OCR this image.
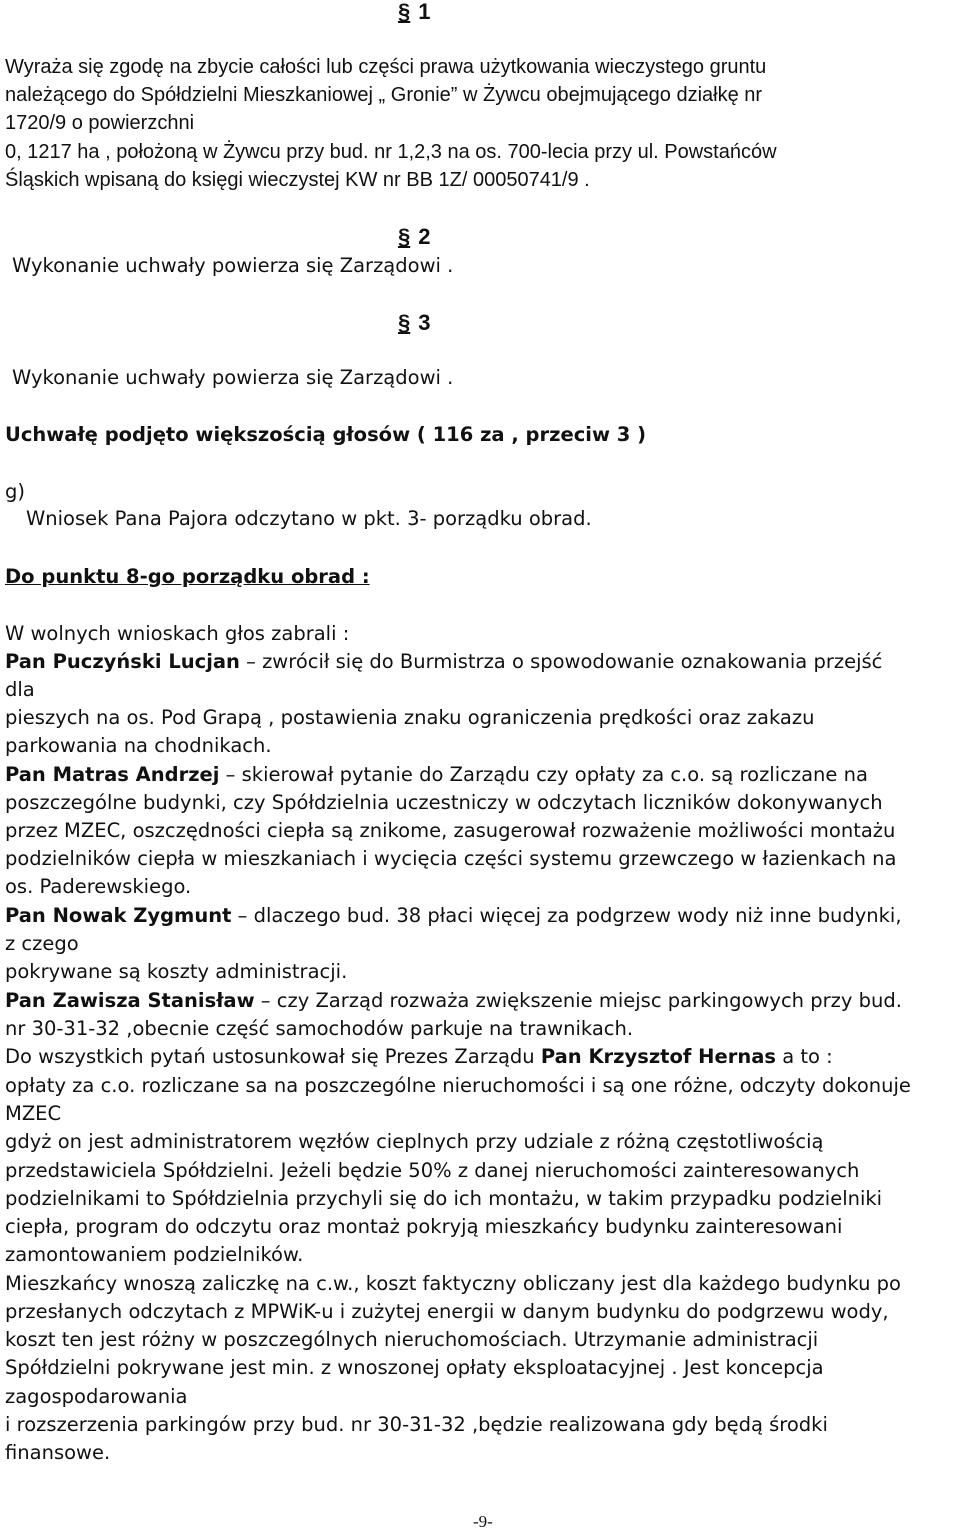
§ 1
Wyraża się zgodę na zbycie całości lub części prawa użytkowania wieczystego gruntu
należącego do Spółdzielni Mieszkaniowej „ Gronie” w Żywcu obejmującego działkę nr
1720/9 o powierzchni
0, 1217 ha , położoną w Żywcu przy bud. nr 1,2,3 na os. 700-lecia przy ul. Powstańców
Śląskich wpisaną do księgi wieczystej KW nr BB 1Z/ 00050741/9 .
§ 2
Wykonanie uchwały powierza się Zarządowi .
§ 3
Wykonanie uchwały powierza się Zarządowi .
Uchwałę podjęto większością głosów ( 116 za , przeciw 3 )
g)
Wniosek Pana Pajora odczytano w pkt. 3- porządku obrad.
Do punktu 8-go porządku obrad :
W wolnych wnioskach głos zabrali :
Pan Puczyński Lucjan – zwrócił się do Burmistrza o spowodowanie oznakowania przejść
dla
pieszych na os. Pod Grapą , postawienia znaku ograniczenia prędkości oraz zakazu
parkowania na chodnikach.
Pan Matras Andrzej – skierował pytanie do Zarządu czy opłaty za c.o. są rozliczane na
poszczególne budynki, czy Spółdzielnia uczestniczy w odczytach liczników dokonywanych
przez MZEC, oszczędności ciepła są znikome, zasugerował rozważenie możliwości montażu
podzielników ciepła w mieszkaniach i wycięcia części systemu grzewczego w łazienkach na
os. Paderewskiego.
Pan Nowak Zygmunt – dlaczego bud. 38 płaci więcej za podgrzew wody niż inne budynki,
z czego
pokrywane są koszty administracji.
Pan Zawisza Stanisław – czy Zarząd rozważa zwiększenie miejsc parkingowych przy bud.
nr 30-31-32 ,obecnie część samochodów parkuje na trawnikach.
Do wszystkich pytań ustosunkował się Prezes Zarządu Pan Krzysztof Hernas a to :
opłaty za c.o. rozliczane sa na poszczególne nieruchomości i są one różne, odczyty dokonuje
MZEC
gdyż on jest administratorem węzłów cieplnych przy udziale z różną częstotliwością
przedstawiciela Spółdzielni. Jeżeli będzie 50% z danej nieruchomości zainteresowanych
podzielnikami to Spółdzielnia przychyli się do ich montażu, w takim przypadku podzielniki
ciepła, program do odczytu oraz montaż pokryją mieszkańcy budynku zainteresowani
zamontowaniem podzielników.
Mieszkańcy wnoszą zaliczkę na c.w., koszt faktyczny obliczany jest dla każdego budynku po
przesłanych odczytach z MPWiK-u i zużytej energii w danym budynku do podgrzewu wody,
koszt ten jest różny w poszczególnych nieruchomościach. Utrzymanie administracji
Spółdzielni pokrywane jest min. z wnoszonej opłaty eksploatacyjnej . Jest koncepcja
zagospodarowania
i rozszerzenia parkingów przy bud. nr 30-31-32 ,będzie realizowana gdy będą środki
finansowe.
-9-
